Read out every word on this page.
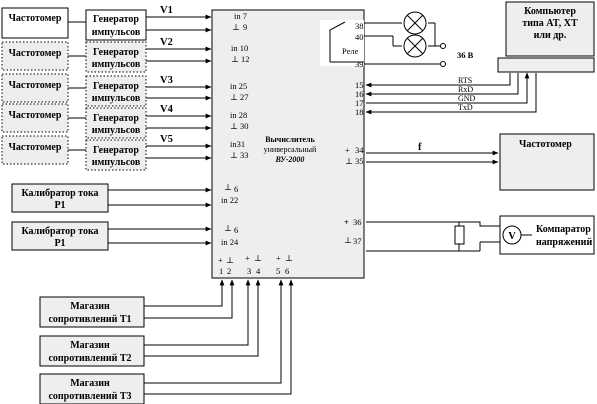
Частотомер	Генератор
импульсов
Частотомер	Генератор
импульсов
Частотомер	Генератор
импульсов
Частотомер	Генератор
импульсов
Частотомер	Генератор
импульсов
V1
V2
V3
V4
V5
Калибратор тока
P1
Калибратор тока
P1
Магазин
сопротивлений T1
Магазин
сопротивлений T2
Магазин
сопротивлений T3
Вычислитель
универсальный
ВУ-2000
in 7
⊥ 9
in 10
⊥ 12
in 25
⊥ 27
in 28
⊥ 30
in31
⊥ 33
⊥ 6
in 22
⊥ 6
in 24
+ ⊥ + ⊥ + ⊥
1 2 3 4 5 6
Реле
38
40
39
36 В
Компьютер
типа AT, XT
или др.
15
16
17
18
RTS
RxD
GND
TxD
+ 34
⊥ 35
f	Частотомер
+ 36
⊥ 37	V
Компаратор
напряжений
